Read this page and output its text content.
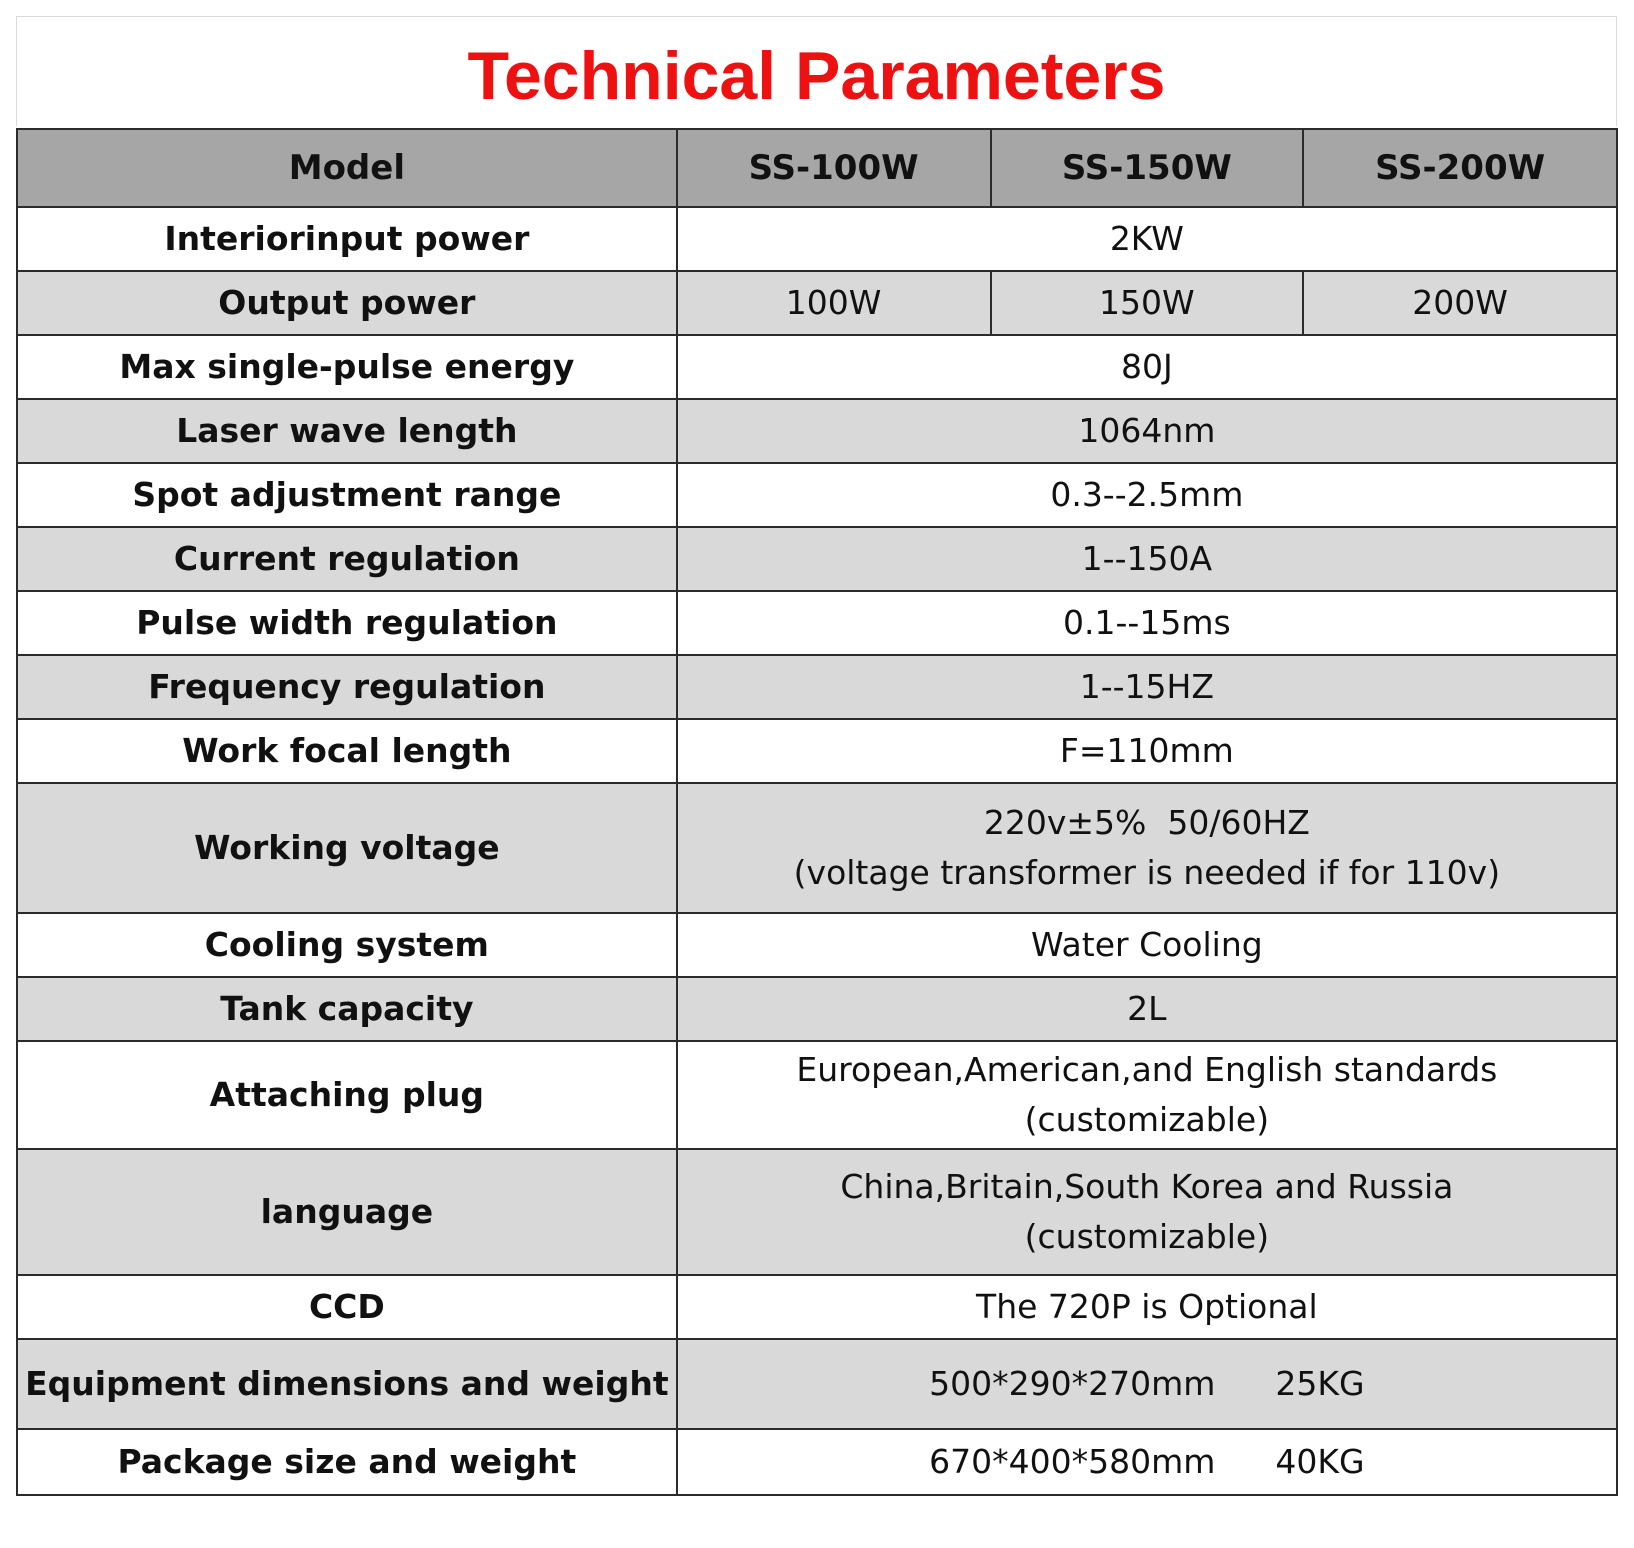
Technical Parameters
Model	SS-100W	SS-150W	SS-200W
Interiorinput power	2KW		
Output power	100W	150W	200W
Max single-pulse energy	80J		
Laser wave length	1064nm		
Spot adjustment range	0.3--2.5mm		
Current regulation	1--150A		
Pulse width regulation	0.1--15ms		
Frequency regulation	1--15HZ		
Work focal length	F=110mm		
Working voltage	220v±5%  50/60HZ
(voltage transformer is needed if for 110v)		

Cooling system	Water Cooling		
Tank capacity	2L		
Attaching plug	European,American,and English standards
(customizable)		

language	China,Britain,South Korea and Russia
(customizable)		

CCD	The 720P is Optional		
Equipment dimensions and weight	500*290*270mm 25KG		
Package size and weight	670*400*580mm 40KG		
